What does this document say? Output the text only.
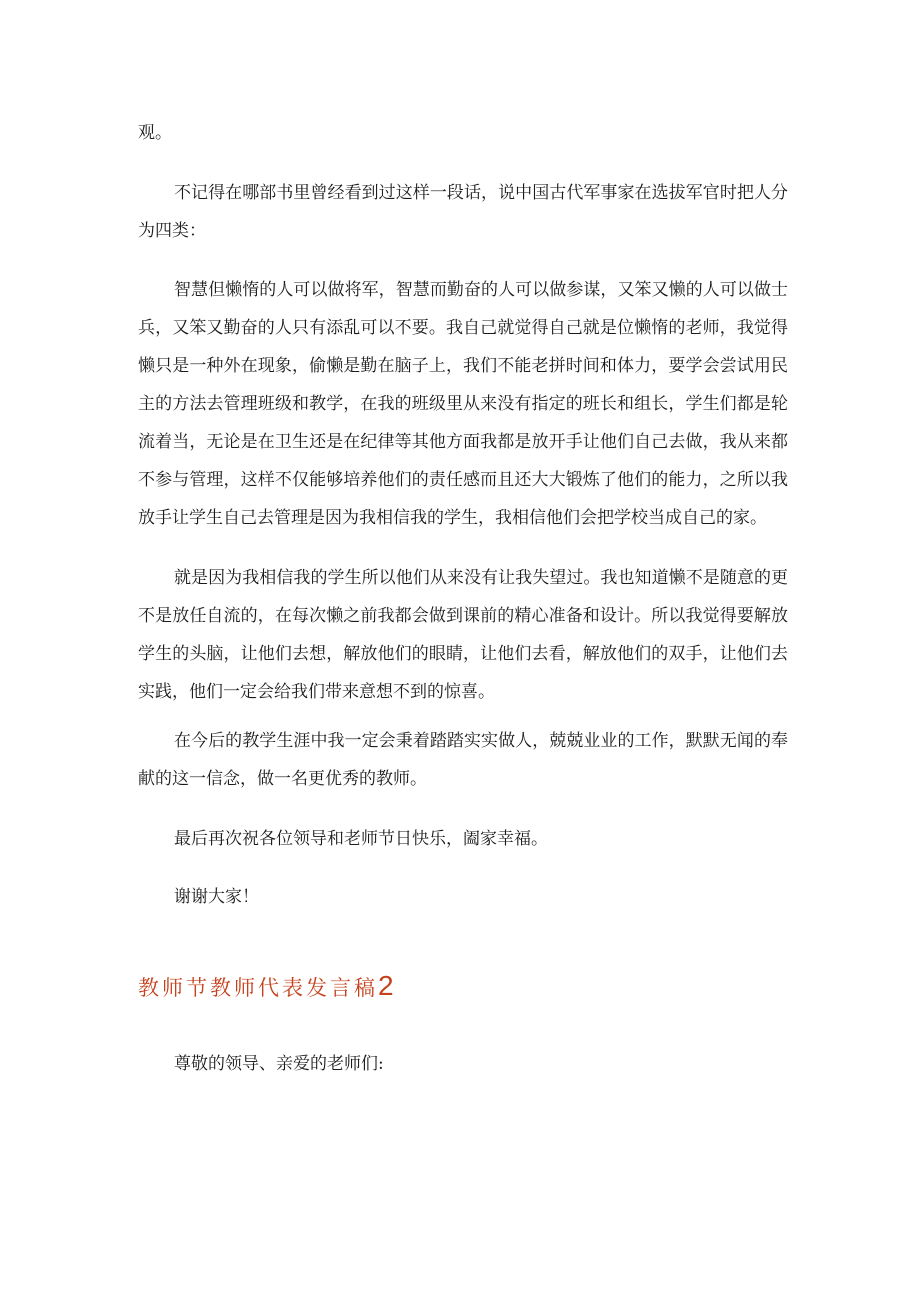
观。

不记得在哪部书里曾经看到过这样一段话，说中国古代军事家在选拔军官时把人分为四类：

智慧但懒惰的人可以做将军，智慧而勤奋的人可以做参谋，又笨又懒的人可以做士兵，又笨又勤奋的人只有添乱可以不要。我自己就觉得自己就是位懒惰的老师，我觉得懒只是一种外在现象，偷懒是勤在脑子上，我们不能老拼时间和体力，要学会尝试用民主的方法去管理班级和教学，在我的班级里从来没有指定的班长和组长，学生们都是轮流着当，无论是在卫生还是在纪律等其他方面我都是放开手让他们自己去做，我从来都不参与管理，这样不仅能够培养他们的责任感而且还大大锻炼了他们的能力，之所以我放手让学生自己去管理是因为我相信我的学生，我相信他们会把学校当成自己的家。

就是因为我相信我的学生所以他们从来没有让我失望过。我也知道懒不是随意的更不是放任自流的，在每次懒之前我都会做到课前的精心准备和设计。所以我觉得要解放学生的头脑，让他们去想，解放他们的眼睛，让他们去看，解放他们的双手，让他们去实践，他们一定会给我们带来意想不到的惊喜。

在今后的教学生涯中我一定会秉着踏踏实实做人，兢兢业业的工作，默默无闻的奉献的这一信念，做一名更优秀的教师。

最后再次祝各位领导和老师节日快乐，阖家幸福。

谢谢大家！

教师节教师代表发言稿2

尊敬的领导、亲爱的老师们:
